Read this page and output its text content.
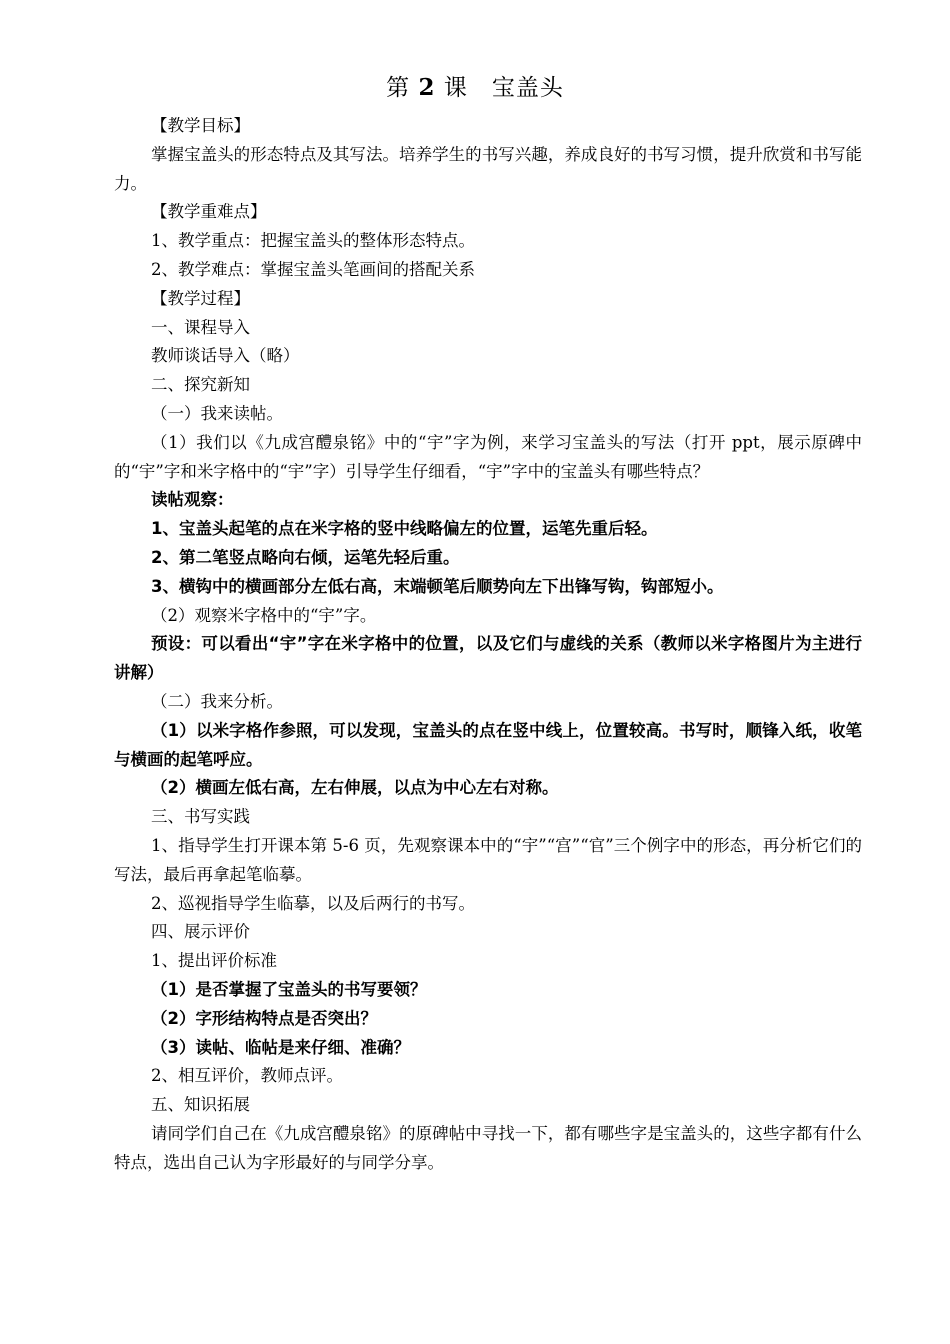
第 2 课　宝盖头

【教学目标】

掌握宝盖头的形态特点及其写法。培养学生的书写兴趣，养成良好的书写习惯，提升欣赏和书写能力。

【教学重难点】

1、教学重点：把握宝盖头的整体形态特点。

2、教学难点：掌握宝盖头笔画间的搭配关系

【教学过程】

一、课程导入

教师谈话导入（略）

二、探究新知

（一）我来读帖。

（1）我们以《九成宫醴泉铭》中的“宇”字为例，来学习宝盖头的写法（打开 ppt，展示原碑中的“宇”字和米字格中的“宇”字）引导学生仔细看，“宇”字中的宝盖头有哪些特点？

读帖观察：

1、宝盖头起笔的点在米字格的竖中线略偏左的位置，运笔先重后轻。

2、第二笔竖点略向右倾，运笔先轻后重。

3、横钩中的横画部分左低右高，末端顿笔后顺势向左下出锋写钩，钩部短小。

（2）观察米字格中的“宇”字。

预设：可以看出“宇”字在米字格中的位置，以及它们与虚线的关系（教师以米字格图片为主进行讲解）

（二）我来分析。

（1）以米字格作参照，可以发现，宝盖头的点在竖中线上，位置较高。书写时，顺锋入纸，收笔与横画的起笔呼应。

（2）横画左低右高，左右伸展，以点为中心左右对称。

三、书写实践

1、指导学生打开课本第 5-6 页，先观察课本中的“宇”“宫”“官”三个例字中的形态，再分析它们的写法，最后再拿起笔临摹。

2、巡视指导学生临摹，以及后两行的书写。

四、展示评价

1、提出评价标准

（1）是否掌握了宝盖头的书写要领？

（2）字形结构特点是否突出？

（3）读帖、临帖是来仔细、准确？

2、相互评价，教师点评。

五、知识拓展

请同学们自己在《九成宫醴泉铭》的原碑帖中寻找一下，都有哪些字是宝盖头的，这些字都有什么特点，选出自己认为字形最好的与同学分享。
